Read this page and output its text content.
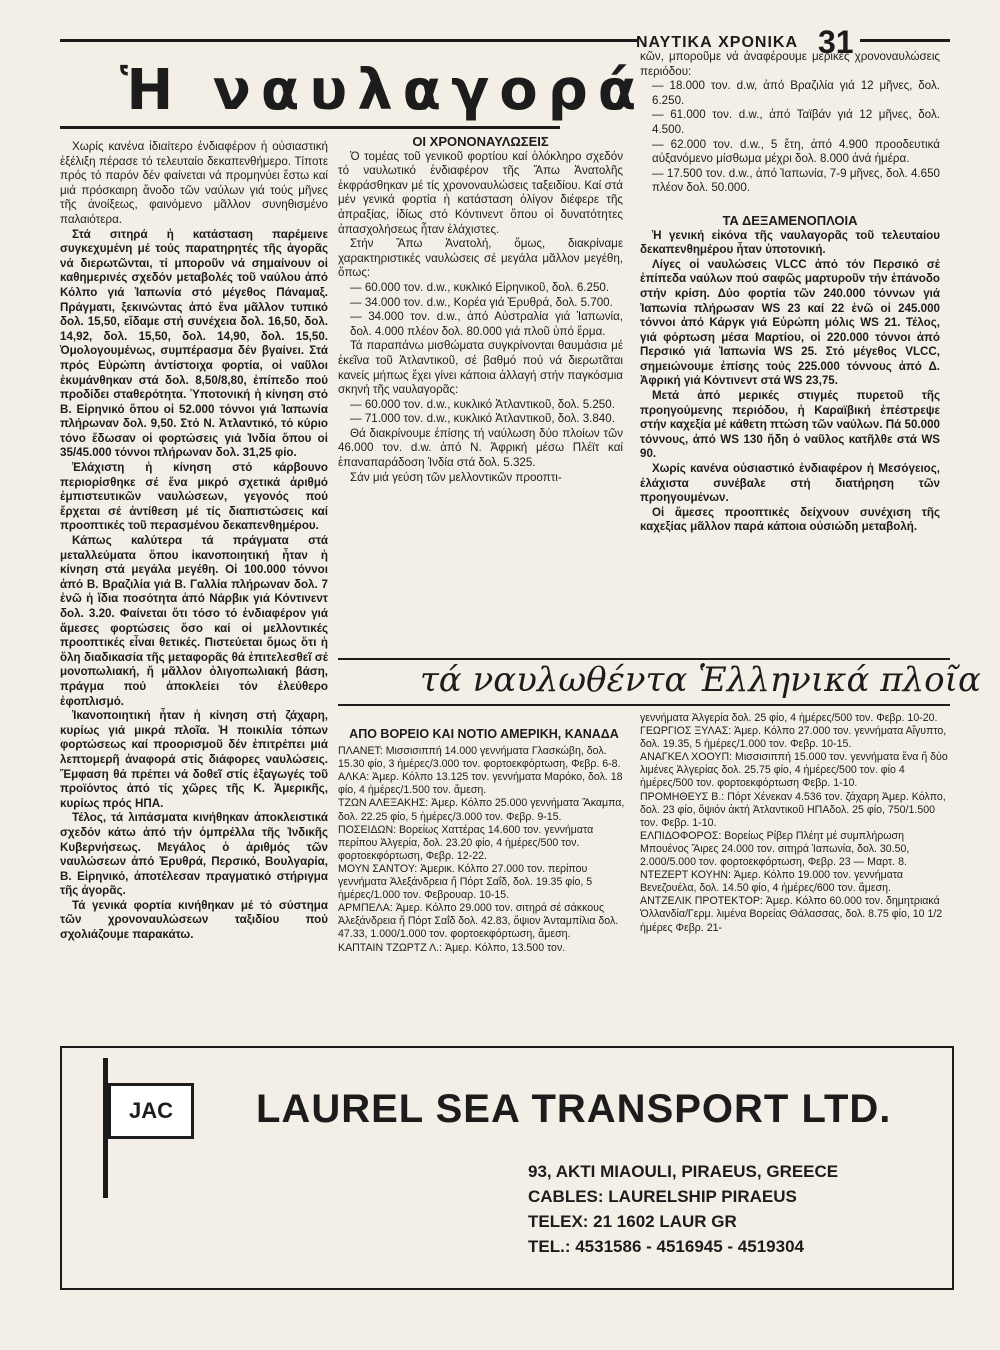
ΝΑΥΤΙΚΑ ΧΡΟΝΙΚΑ 31
Ἡ ναυλαγορά

Χωρίς κανένα ἰδιαίτερο ἐνδιαφέρον ἡ οὐσιαστική ἐξέλιξη πέρασε τό τελευταίο δεκαπενθήμερο. Τίποτε πρός τό παρόν δέν φαίνεται νά προμηνύει ἔστω καί μιά πρόσκαιρη ἄνοδο τῶν ναύλων γιά τούς μῆνες τῆς ἀνοίξεως, φαινόμενο μᾶλλον συνηθισμένο παλαιότερα.

Στά σιτηρά ἡ κατάσταση παρέμεινε συγκεχυμένη μέ τούς παρατηρητές τῆς ἀγορᾶς νά διερωτῶνται, τί μποροῦν νά σημαίνουν οἱ καθημερινές σχεδόν μεταβολές τοῦ ναύλου ἀπό Κόλπο γιά Ἰαπωνία στό μέγεθος Πάναμαξ. Πράγματι, ξεκινώντας ἀπό ἕνα μᾶλλον τυπικό δολ. 15,50, εἴδαμε στή συνέχεια δολ. 16,50, δολ. 14,92, δολ. 15,50, δολ. 14,90, δολ. 15,50. Ὁμολογουμένως, συμπέρασμα δέν βγαίνει. Στά πρός Εὐρώπη ἀντίστοιχα φορτία, οἱ ναῦλοι ἐκυμάνθηκαν στά δολ. 8,50/8,80, ἐπίπεδο πού προδίδει σταθερότητα. Ὑποτονική ἡ κίνηση στό Β. Εἰρηνικό ὅπου οἱ 52.000 τόννοι γιά Ἰαπωνία πλήρωναν δολ. 9,50. Στό Ν. Ἀτλαντικό, τό κύριο τόνο ἔδωσαν οἱ φορτώσεις γιά Ἰνδία ὅπου οἱ 35/45.000 τόννοι πλήρωναν δολ. 31,25 φίο.

Ἐλάχιστη ἡ κίνηση στό κάρβουνο περιορίσθηκε σέ ἕνα μικρό σχετικά ἀριθμό ἐμπιστευτικῶν ναυλώσεων, γεγονός πού ἔρχεται σέ ἀντίθεση μέ τίς διαπιστώσεις καί προοπτικές τοῦ περασμένου δεκαπενθημέρου.

Κάπως καλύτερα τά πράγματα στά μεταλλεύματα ὅπου ἱκανοποιητική ἦταν ἡ κίνηση στά μεγάλα μεγέθη. Οἱ 100.000 τόννοι ἀπό Β. Βραζιλία γιά Β. Γαλλία πλήρωναν δολ. 7 ἐνῶ ἡ ἴδια ποσότητα ἀπό Νάρβικ γιά Κόντινεντ δολ. 3.20. Φαίνεται ὅτι τόσο τό ἐνδιαφέρον γιά ἄμεσες φορτώσεις ὅσο καί οἱ μελλοντικές προοπτικές εἶναι θετικές. Πιστεύεται ὅμως ὅτι ἡ ὅλη διαδικασία τῆς μεταφορᾶς θά ἐπιτελεσθεῖ σέ μονοπωλιακή, ἤ μᾶλλον ὀλιγοπωλιακή βάση, πράγμα πού ἀποκλείει τόν ἐλεύθερο ἐφοπλισμό.

Ἱκανοποιητική ἦταν ἡ κίνηση στή ζάχαρη, κυρίως γιά μικρά πλοῖα. Ἡ ποικιλία τόπων φορτώσεως καί προορισμοῦ δέν ἐπιτρέπει μιά λεπτομερῆ ἀναφορά στίς διάφορες ναυλώσεις. Ἔμφαση θά πρέπει νά δοθεῖ στίς ἐξαγωγές τοῦ προϊόντος ἀπό τίς χῶρες τῆς Κ. Ἀμερικῆς, κυρίως πρός ΗΠΑ.

Τέλος, τά λιπάσματα κινήθηκαν ἀποκλειστικά σχεδόν κάτω ἀπό τήν ὀμπρέλλα τῆς Ἰνδικῆς Κυβερνήσεως. Μεγάλος ὁ ἀριθμός τῶν ναυλώσεων ἀπό Ἐρυθρά, Περσικό, Βουλγαρία, Β. Εἰρηνικό, ἀποτέλεσαν πραγματικό στήριγμα τῆς ἀγορᾶς.

Τά γενικά φορτία κινήθηκαν μέ τό σύστημα τῶν χρονοναυλώσεων ταξιδίου πού σχολιάζουμε παρακάτω.

ΟΙ ΧΡΟΝΟΝΑΥΛΩΣΕΙΣ

Ὁ τομέας τοῦ γενικοῦ φορτίου καί ὁλόκληρο σχεδόν τό ναυλωτικό ἐνδιαφέρον τῆς Ἄπω Ἀνατολῆς ἐκφράσθηκαν μέ τίς χρονοναυλώσεις ταξειδίου. Καί στά μέν γενικά φορτία ἡ κατάσταση ὀλίγον διέφερε τῆς ἀπραξίας, ἰδίως στό Κόντινεντ ὅπου οἱ δυνατότητες ἀπασχολήσεως ἦταν ἐλάχιστες.

Στήν Ἄπω Ἀνατολή, ὅμως, διακρίναμε χαρακτηριστικές ναυλώσεις σέ μεγάλα μᾶλλον μεγέθη, ὅπως:

— 60.000 τον. d.w., κυκλικό Εἰρηνικοῦ, δολ. 6.250.

— 34.000 τον. d.w., Κορέα γιά Ἐρυθρά, δολ. 5.700.

— 34.000 τον. d.w., ἀπό Αὐστραλία γιά Ἰαπωνία, δολ. 4.000 πλέον δολ. 80.000 γιά πλοῦ ὑπό ἕρμα.

Τά παραπάνω μισθώματα συγκρίνονται θαυμάσια μέ ἐκεῖνα τοῦ Ἀτλαντικοῦ, σέ βαθμό πού νά διερωτᾶται κανείς μήπως ἔχει γίνει κάποια ἀλλαγή στήν παγκόσμια σκηνή τῆς ναυλαγορᾶς:

— 60.000 τον. d.w., κυκλικό Ἀτλαντικοῦ, δολ. 5.250.

— 71.000 τον. d.w., κυκλικό Ἀτλαντικοῦ, δολ. 3.840.

Θά διακρίνουμε ἐπίσης τή ναύλωση δύο πλοίων τῶν 46.000 τον. d.w. ἀπό Ν. Ἀφρική μέσω Πλέϊτ καί ἐπαναπαράδοση Ἰνδία στά δολ. 5.325.

Σάν μιά γεύση τῶν μελλοντικῶν προοπτι-

κῶν, μποροῦμε νά ἀναφέρουμε μερικές χρονοναυλώσεις περιόδου:

— 18.000 τον. d.w, ἀπό Βραζιλία γιά 12 μῆνες, δολ. 6.250.

— 61.000 τον. d.w., ἀπό Ταϊβάν γιά 12 μῆνες, δολ. 4.500.

— 62.000 τον. d.w., 5 ἔτη, ἀπό 4.900 προοδευτικά αὐξανόμενο μίσθωμα μέχρι δολ. 8.000 ἀνά ἡμέρα.

— 17.500 τον. d.w., ἀπό Ἰαπωνία, 7-9 μῆνες, δολ. 4.650 πλέον δολ. 50.000.

ΤΑ ΔΕΞΑΜΕΝΟΠΛΟΙΑ

Ἡ γενική εἰκόνα τῆς ναυλαγορᾶς τοῦ τελευταίου δεκαπενθημέρου ἦταν ὑποτονική.

Λίγες οἱ ναυλώσεις VLCC ἀπό τόν Περσικό σέ ἐπίπεδα ναύλων πού σαφῶς μαρτυροῦν τήν ἐπάνοδο στήν κρίση. Δύο φορτία τῶν 240.000 τόννων γιά Ἰαπωνία πλήρωσαν WS 23 καί 22 ἐνῶ οἱ 245.000 τόννοι ἀπό Κάργκ γιά Εὐρώπη μόλις WS 21. Τέλος, γιά φόρτωση μέσα Μαρτίου, οἱ 220.000 τόννοι ἀπό Περσικό γιά Ἰαπωνία WS 25. Στό μέγεθος VLCC, σημειώνουμε ἐπίσης τούς 225.000 τόννους ἀπό Δ. Ἀφρική γιά Κόντινεντ στά WS 23,75.

Μετά ἀπό μερικές στιγμές πυρετοῦ τῆς προηγούμενης περιόδου, ἡ Καραϊβική ἐπέστρεψε στήν καχεξία μέ κάθετη πτώση τῶν ναύλων. Πά 50.000 τόννους, ἀπό WS 130 ἤδη ὁ ναῦλος κατῆλθε στά WS 90.

Χωρίς κανένα οὐσιαστικό ἐνδιαφέρον ἡ Μεσόγειος, ἐλάχιστα συνέβαλε στή διατήρηση τῶν προηγουμένων.

Οἱ ἄμεσες προοπτικές δείχνουν συνέχιση τῆς καχεξίας μᾶλλον παρά κάποια οὐσιώδη μεταβολή.

τά ναυλωθέντα Ἑλληνικά πλοῖα
ΑΠΟ ΒΟΡΕΙΟ ΚΑΙ ΝΟΤΙΟ ΑΜΕΡΙΚΗ, ΚΑΝΑΔΑ

ΠΛΑΝΕΤ: Μισσισιππή 14.000 γεννήματα Γλασκώβη, δολ. 15.30 φίο, 3 ἡμέρες/3.000 τον. φορτοεκφόρτωση, Φεβρ. 6-8.

ΑΛΚΑ: Ἀμερ. Κόλπο 13.125 τον. γεννήματα Μαρόκο, δολ. 18 φίο, 4 ἡμέρες/1.500 τον. ἄμεση.

ΤΖΩΝ ΑΛΕΞΑΚΗΣ: Ἀμερ. Κόλπο 25.000 γεννήματα Ἄκαμπα, δολ. 22.25 φίο, 5 ἡμέρες/3.000 τον. Φεβρ. 9-15.

ΠΟΣΕΙΔΩΝ: Βορείως Χαττέρας 14.600 τον. γεννήματα περίπου Ἀλγερία, δολ. 23.20 φίο, 4 ἡμέρες/500 τον. φορτοεκφόρτωση, Φεβρ. 12-22.

ΜΟΥΝ ΣΑΝΤΟΥ: Ἀμερικ. Κόλπο 27.000 τον. περίπου γεννήματα Ἀλεξάνδρεια ἤ Πόρτ Σαΐδ, δολ. 19.35 φίο, 5 ἡμέρες/1.000 τον. Φεβρουαρ. 10-15.

ΑΡΜΠΕΛΑ: Ἀμερ. Κόλπο 29.000 τον. σιτηρά σέ σάκκους Ἀλεξάνδρεια ἤ Πόρτ Σαΐδ δολ. 42.83, ὄψιον Ἀνταμπίλια δολ. 47.33, 1.000/1.000 τον. φορτοεκφόρτωση, ἄμεση.

ΚΑΠΤΑΙΝ ΤΖΩΡΤΖ Λ.: Ἀμερ. Κόλπο, 13.500 τον.

γεννήματα Ἀλγερία δολ. 25 φίο, 4 ἡμέρες/500 τον. Φεβρ. 10-20.

ΓΕΩΡΓΙΟΣ ΞΥΛΑΣ: Ἀμερ. Κόλπο 27.000 τον. γεννήματα Αἴγυπτο, δολ. 19.35, 5 ἡμέρες/1.000 τον. Φεβρ. 10-15.

ΑΝΑΓΚΕΛ ΧΟΟΥΠ: Μισσισιππή 15.000 τον. γεννήματα ἕνα ἤ δύο λιμένες Ἀλγερίας δολ. 25.75 φίο, 4 ἡμέρες/500 τον. φίο 4 ἡμέρες/500 τον. φορτοεκφόρτωση Φεβρ. 1-10.

ΠΡΟΜΗΘΕΥΣ Β.: Πόρτ Χένεκαν 4.536 τον. ζάχαρη Ἀμερ. Κόλπο, δολ. 23 φίο, ὄψιόν ἀκτή Ἀτλαντικοῦ ΗΠΑδολ. 25 φίο, 750/1.500 τον. Φεβρ. 1-10.

ΕΛΠΙΔΟΦΟΡΟΣ: Βορείως Ρίβερ Πλέητ μέ συμπλήρωση Μπουένος Ἄιρες 24.000 τον. σιτηρά Ἰαπωνία, δολ. 30.50, 2.000/5.000 τον. φορτοεκφόρτωση, Φεβρ. 23 — Μαρτ. 8.

ΝΤΕΖΕΡΤ ΚΟΥΗΝ: Ἀμερ. Κόλπο 19.000 τον. γεννήματα Βενεζουέλα, δολ. 14.50 φίο, 4 ἡμέρες/600 τον. ἄμεση.

ΑΝΤΖΕΛΙΚ ΠΡΟΤΕΚΤΟΡ: Ἀμερ. Κόλπο 60.000 τον. δημητριακά Ὁλλανδία/Γερμ. λιμένα Βορείας Θάλασσας, δολ. 8.75 φίο, 10 1/2 ἡμέρες Φεβρ. 21-

JAC LAUREL SEA TRANSPORT LTD.
93, AKTI MIAOULI, PIRAEUS, GREECE
CABLES: LAURELSHIP PIRAEUS
TELEX: 21 1602 LAUR GR
TEL.: 4531586 - 4516945 - 4519304
